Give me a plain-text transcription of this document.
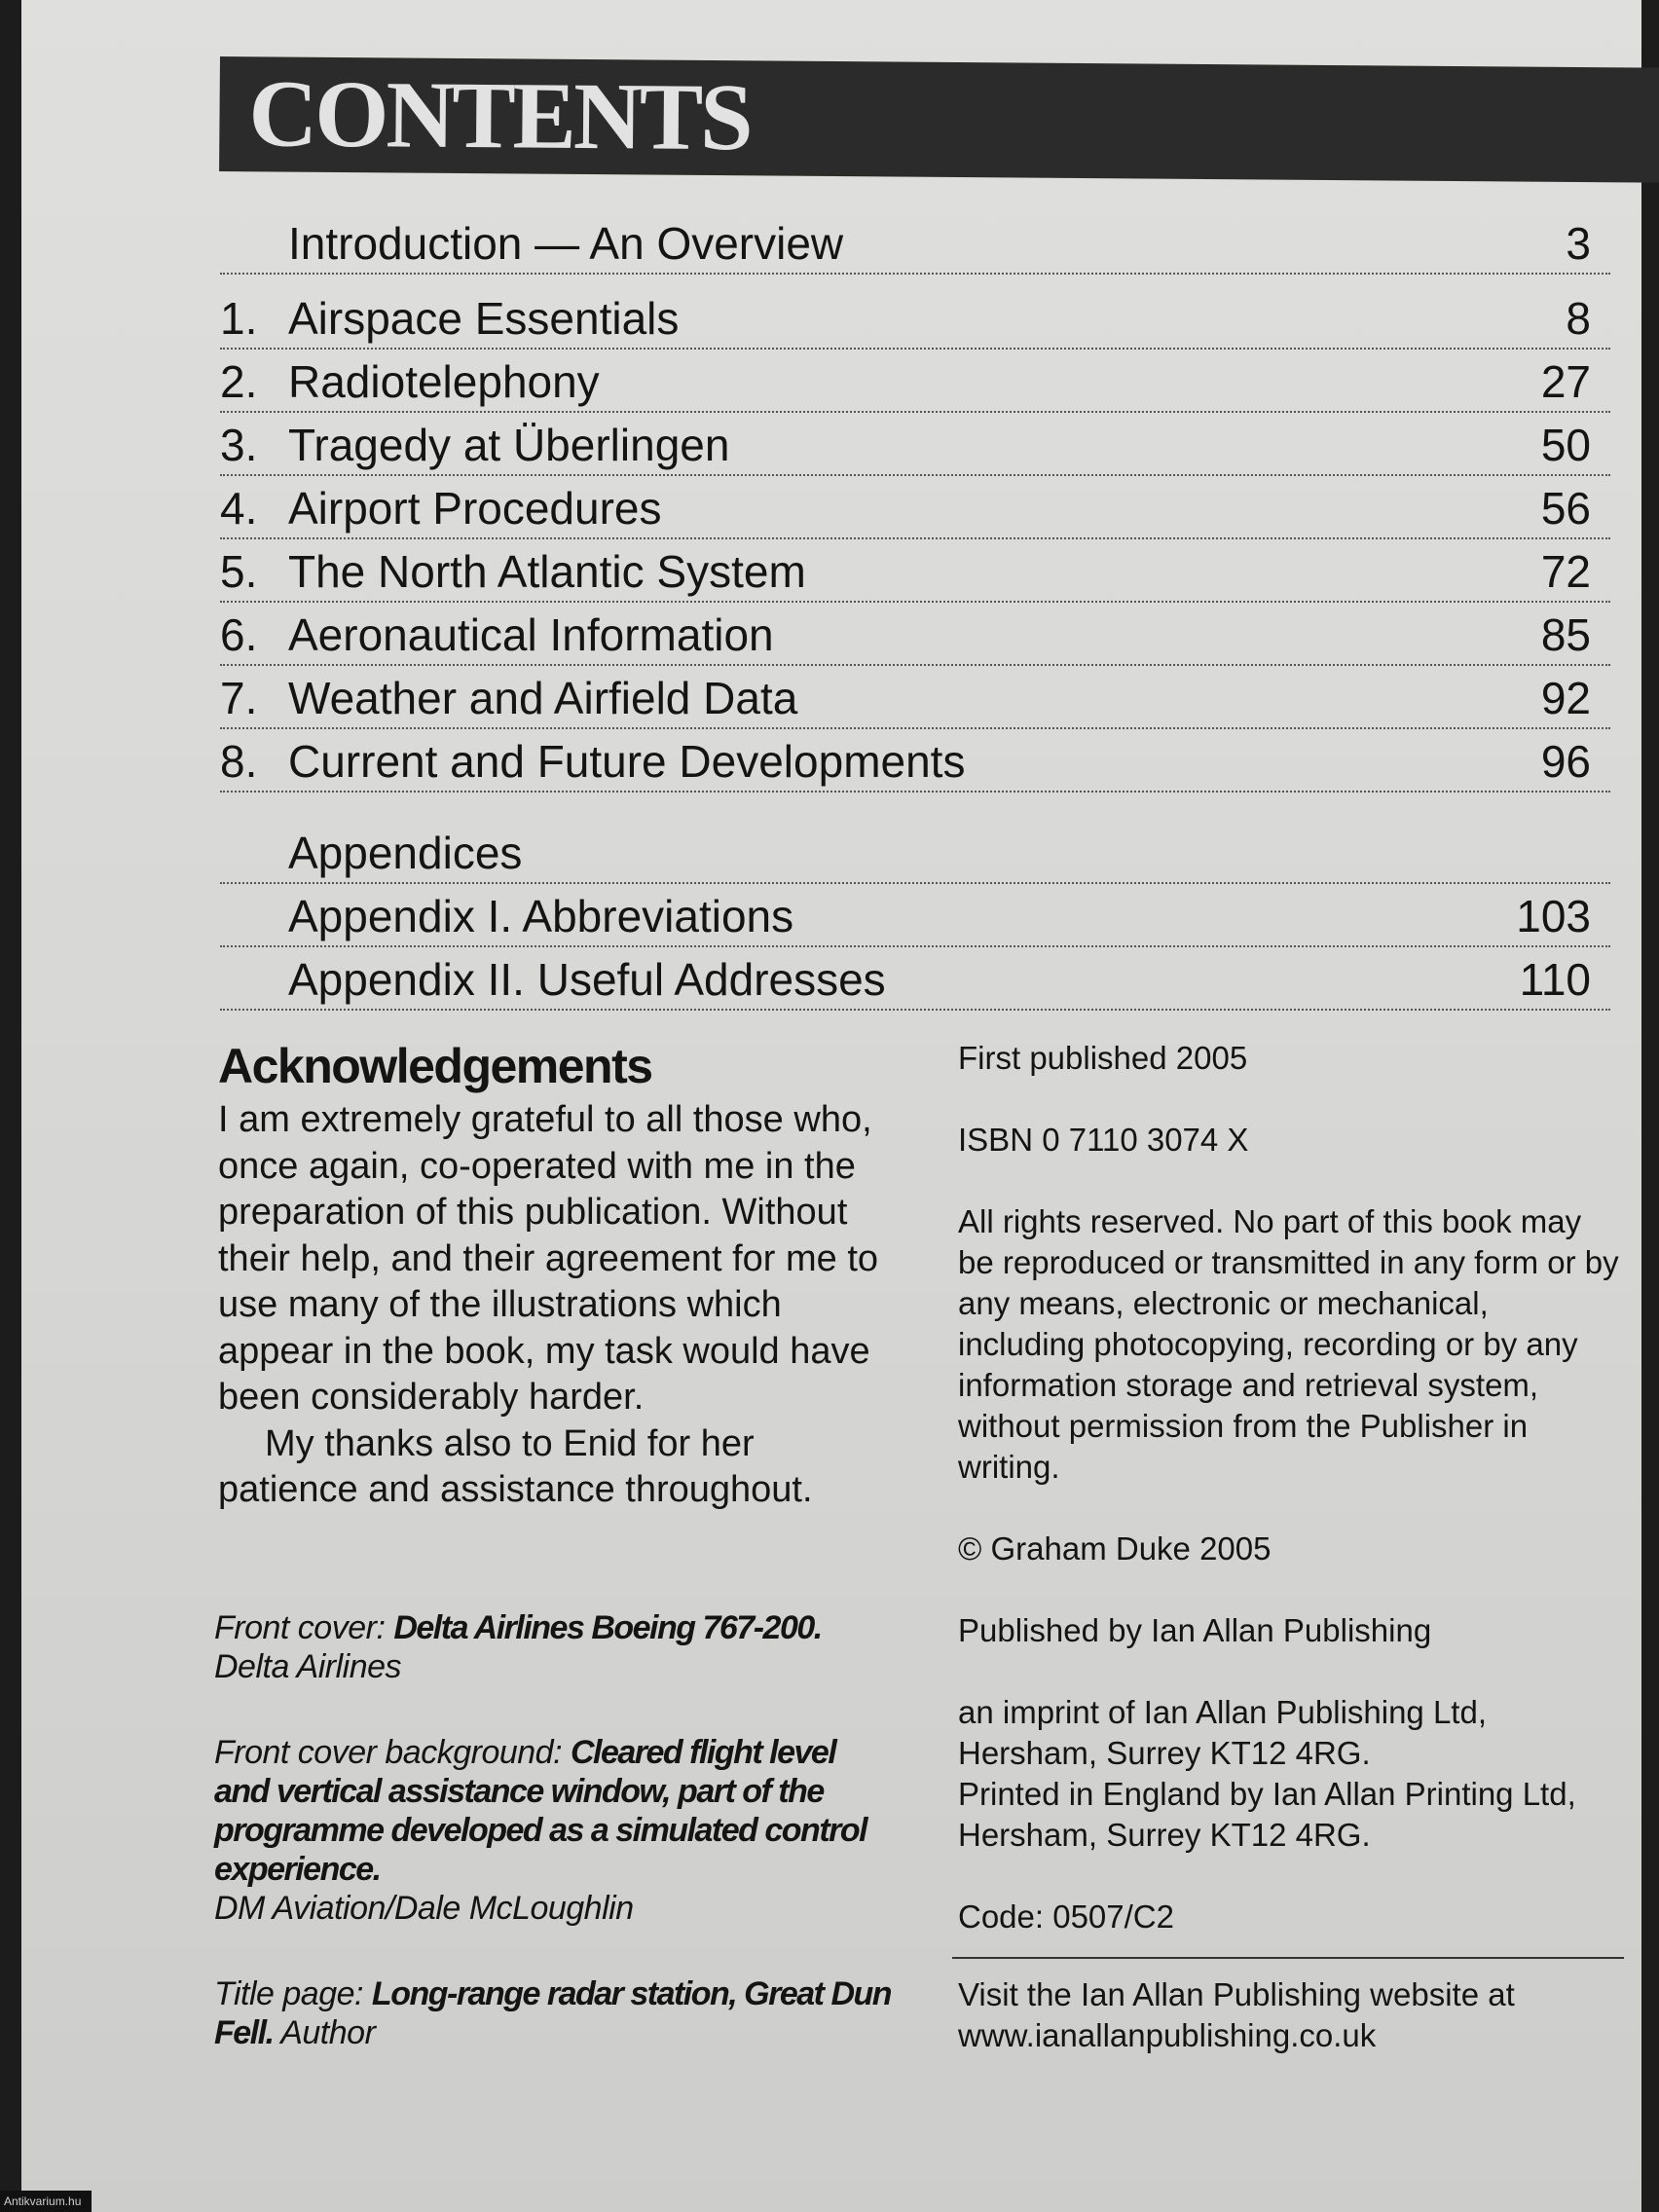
CONTENTS
Introduction — An Overview	3
1. Airspace Essentials	8
2. Radiotelephony	27
3. Tragedy at Überlingen	50
4. Airport Procedures	56
5. The North Atlantic System	72
6. Aeronautical Information	85
7. Weather and Airfield Data	92
8. Current and Future Developments	96
Appendices
Appendix I. Abbreviations	103
Appendix II. Useful Addresses	110
Acknowledgements

I am extremely grateful to all those who, once again, co-operated with me in the preparation of this publication. Without their help, and their agreement for me to use many of the illustrations which appear in the book, my task would have been considerably harder.

My thanks also to Enid for her patience and assistance throughout.

Front cover: Delta Airlines Boeing 767-200. Delta Airlines
Front cover background: Cleared flight level and vertical assistance window, part of the programme developed as a simulated control experience.
DM Aviation/Dale McLoughlin
Title page: Long-range radar station, Great Dun Fell. Author
First published 2005
ISBN 0 7110 3074 X
All rights reserved. No part of this book may be reproduced or transmitted in any form or by any means, electronic or mechanical, including photocopying, recording or by any information storage and retrieval system, without permission from the Publisher in writing.
© Graham Duke 2005
Published by Ian Allan Publishing
an imprint of Ian Allan Publishing Ltd,
Hersham, Surrey KT12 4RG.
Printed in England by Ian Allan Printing Ltd,
Hersham, Surrey KT12 4RG.
Code: 0507/C2
Visit the Ian Allan Publishing website at
www.ianallanpublishing.co.uk
Antikvarium.hu
